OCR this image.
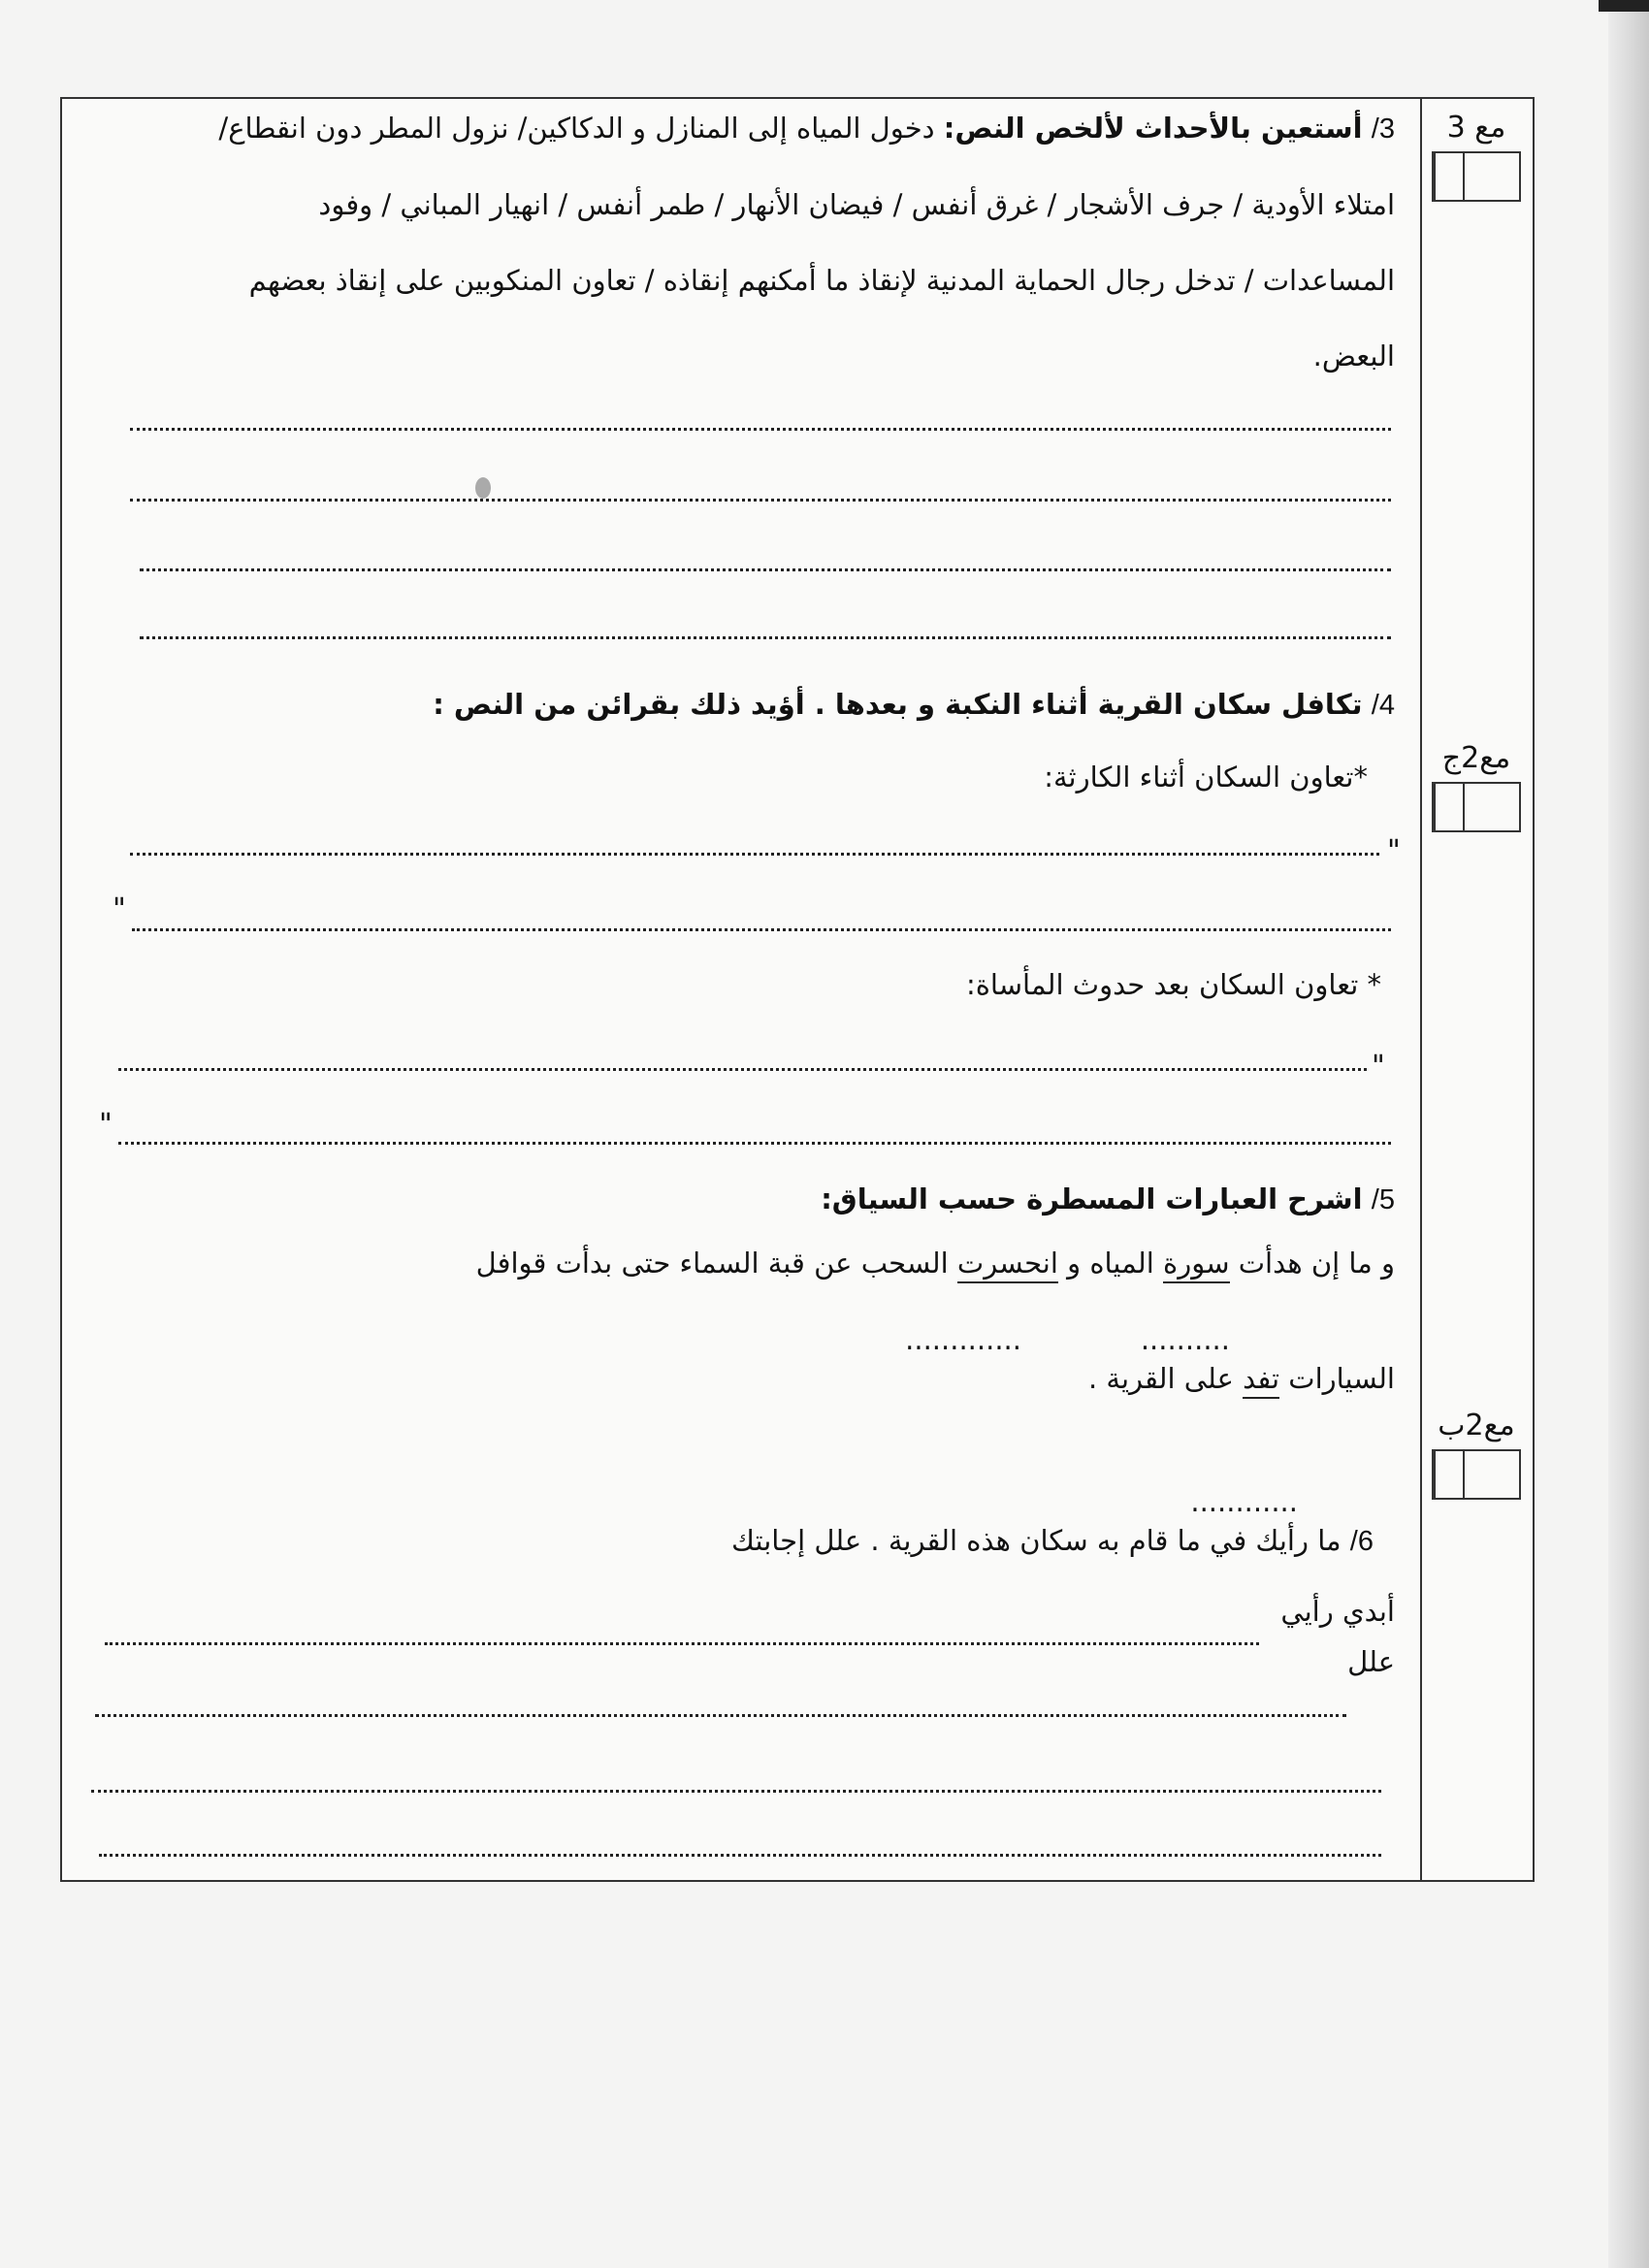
مع 3
مع2ج
مع2ب
3/ أستعين بالأحداث لألخص النص: دخول المياه إلى المنازل و الدكاكين/ نزول المطر دون انقطاع/
امتلاء الأودية / جرف الأشجار / غرق أنفس / فيضان الأنهار / طمر أنفس / انهيار المباني / وفود
المساعدات / تدخل رجال الحماية المدنية لإنقاذ ما أمكنهم إنقاذه / تعاون المنكوبين على إنقاذ بعضهم
البعض.
4/ تكافل سكان القرية أثناء النكبة و بعدها . أؤيد ذلك بقرائن من النص :
*تعاون السكان أثناء الكارثة:
* تعاون السكان بعد حدوث المأساة:
5/ اشرح العبارات المسطرة حسب السياق:
و ما إن هدأت سورة المياه و انحسرت السحب عن قبة السماء حتى بدأت قوافل
السيارات تفد على القرية .
..........
.............
............
6/ ما رأيك في ما قام به سكان هذه القرية . علل إجابتك
أبدي رأيي
علل
"
"
"
"
